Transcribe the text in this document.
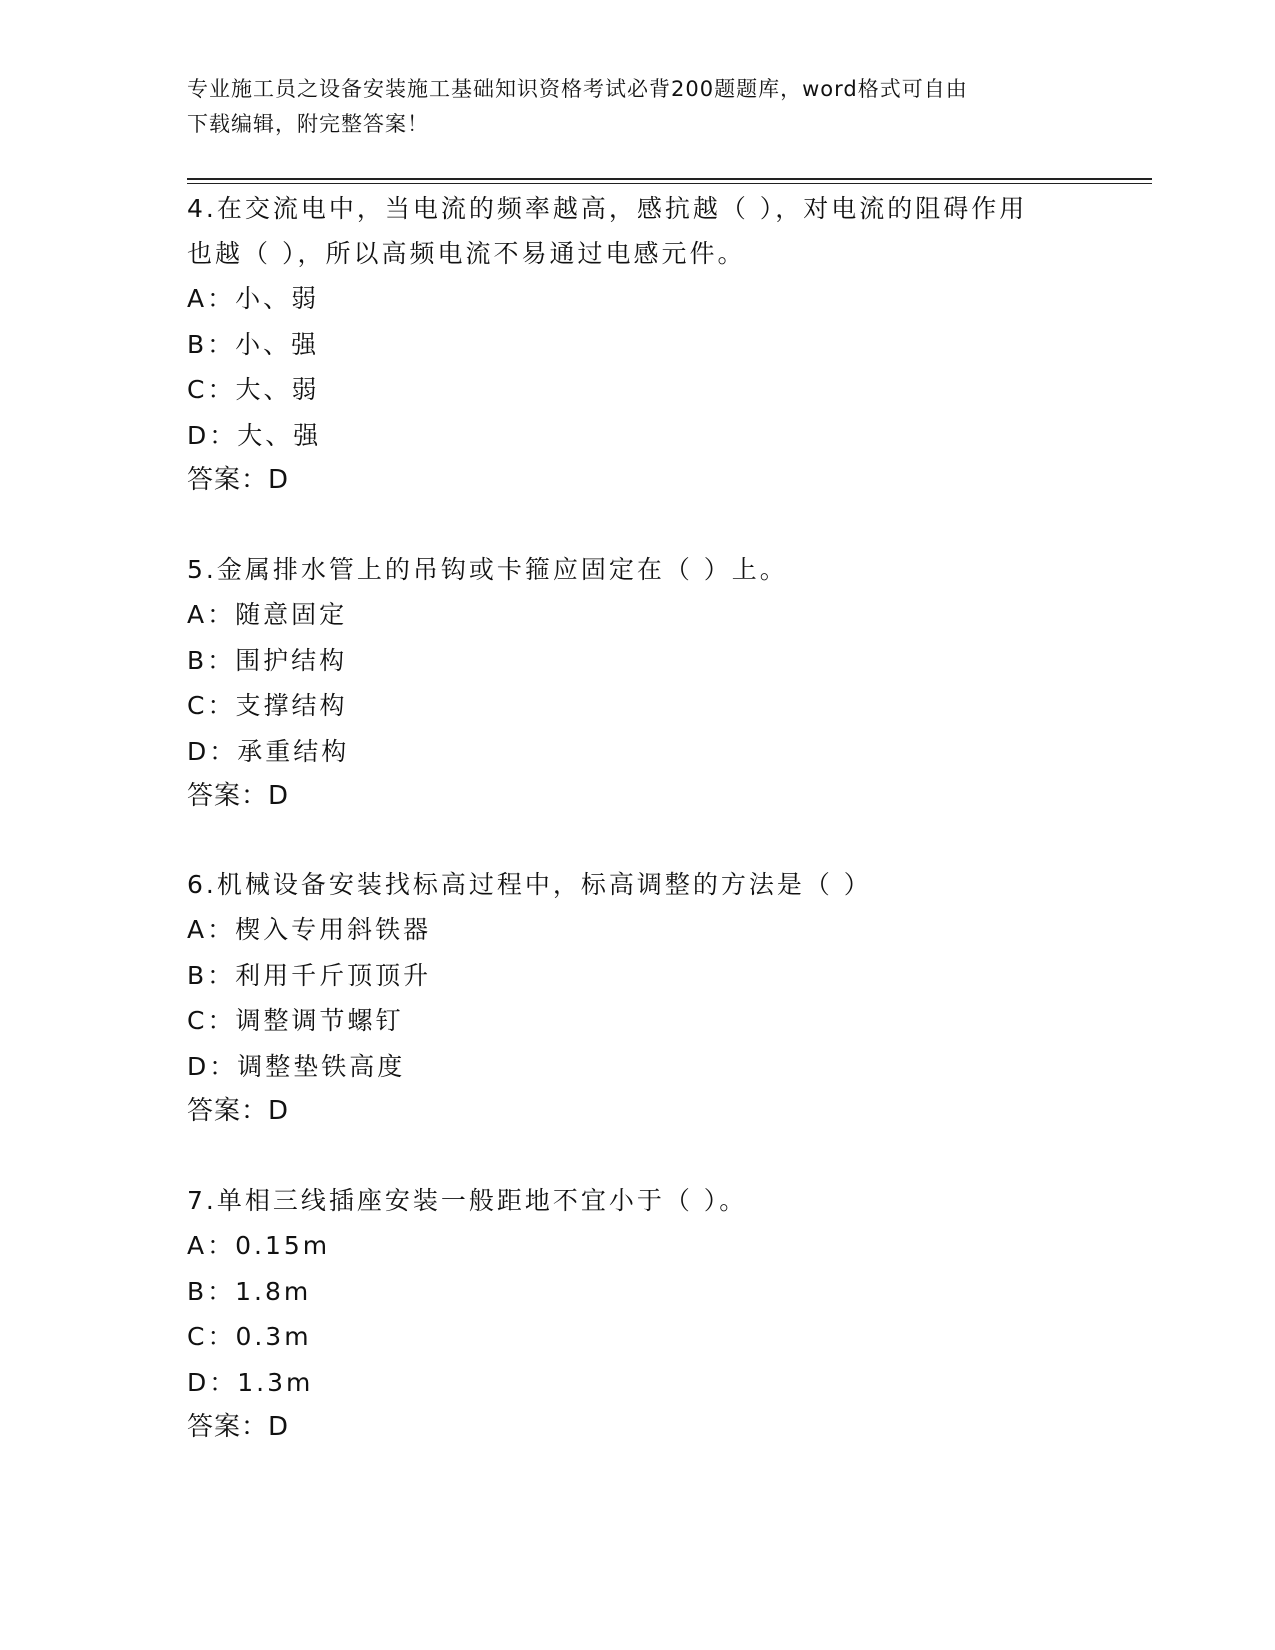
专业施工员之设备安装施工基础知识资格考试必背200题题库，word格式可自由
下载编辑，附完整答案！

4.在交流电中，当电流的频率越高，感抗越（ ），对电流的阻碍作用

也越（ ），所以高频电流不易通过电感元件。

A：小、弱

B：小、强

C：大、弱

D：大、强

答案：D

5.金属排水管上的吊钩或卡箍应固定在（ ）上。

A：随意固定

B：围护结构

C：支撑结构

D：承重结构

答案：D

6.机械设备安装找标高过程中，标高调整的方法是（ ）

A：楔入专用斜铁器

B：利用千斤顶顶升

C：调整调节螺钉

D：调整垫铁高度

答案：D

7.单相三线插座安装一般距地不宜小于（ ）。

A：0.15m

B：1.8m

C：0.3m

D：1.3m

答案：D
